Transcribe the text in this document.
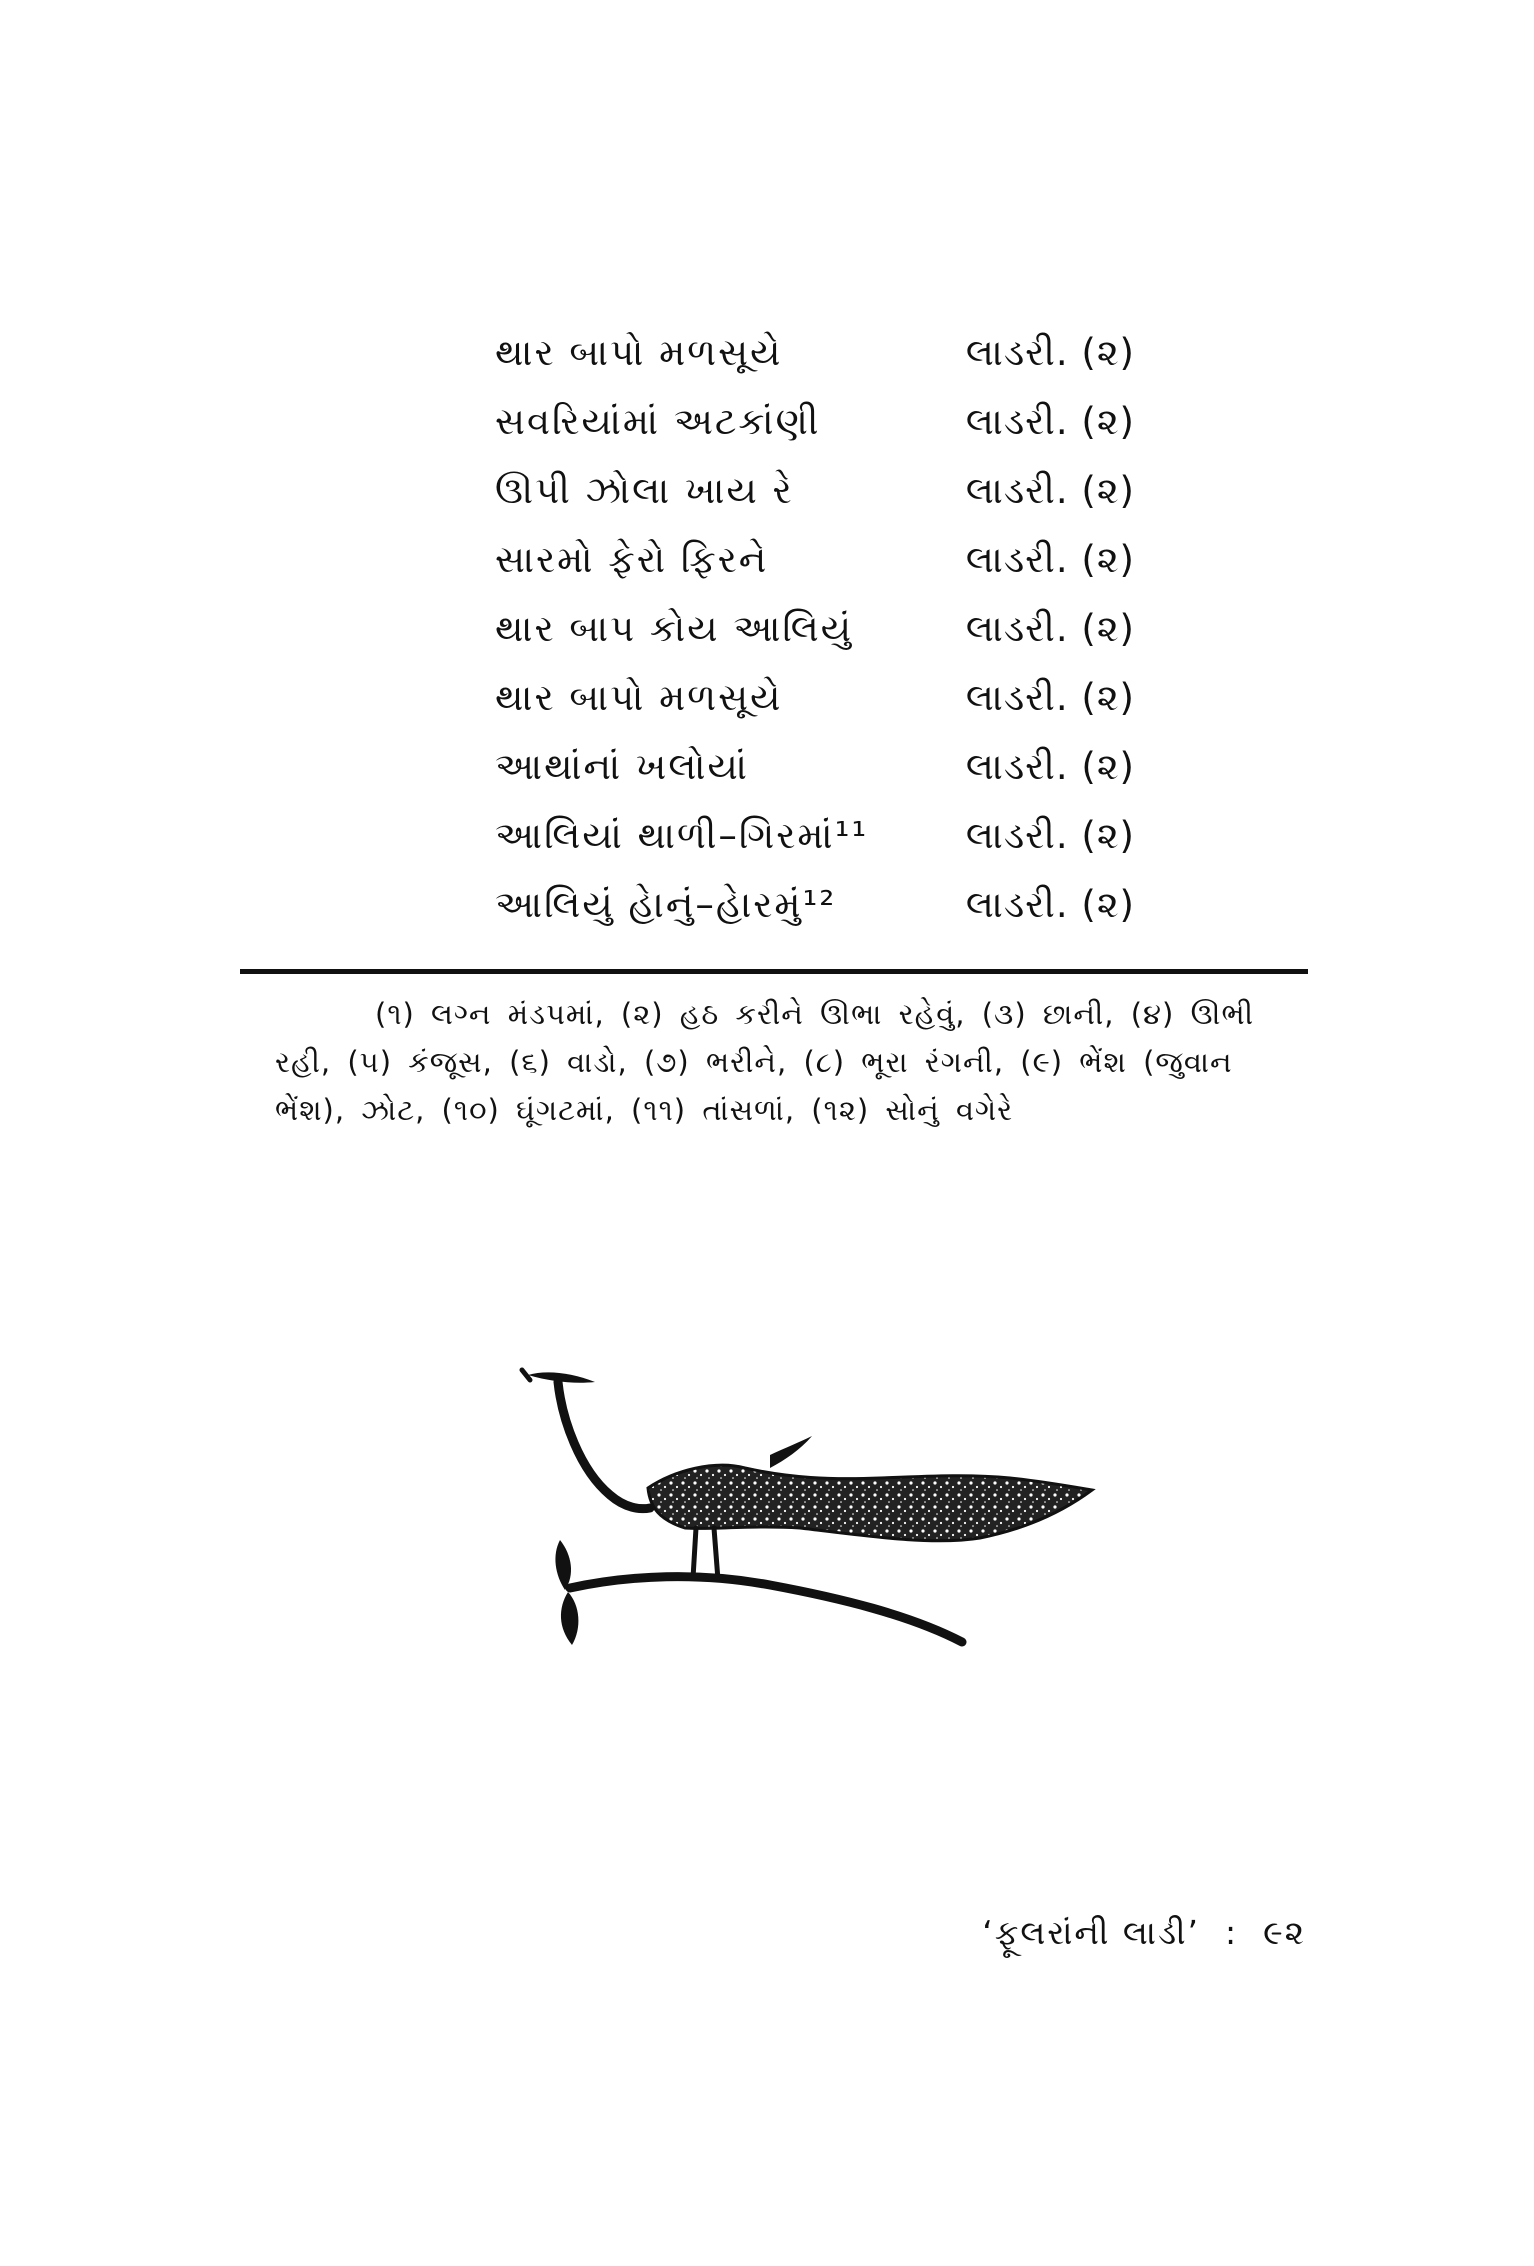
થાર બાપો મળસૂયે	લાડરી. (૨)
સવરિયાંમાં અટકાંણી	લાડરી. (૨)
ઊપી ઝોલા ખાય રે	લાડરી. (૨)
સારમો ફેરો ફિરને	લાડરી. (૨)
થાર બાપ કોય આલિયું	લાડરી. (૨)
થાર બાપો મળસૂયે	લાડરી. (૨)
આથાંનાં ખલોયાં	લાડરી. (૨)
આલિયાં થાળી–ગિરમાં¹¹	લાડરી. (૨)
આલિયું હેાનું–હેારમું¹²	લાડરી. (૨)
(૧) લગ્ન મંડપમાં, (૨) હઠ કરીને ઊભા રહેવું, (૩) છાની, (૪) ઊભી રહી, (૫) કંજૂસ, (૬) વાડો, (૭) ભરીને, (૮) ભૂરા રંગની, (૯) ભેંશ (જુવાન ભેંશ), ઝોટ, (૧૦) ઘૂંગટમાં, (૧૧) તાંસળાં, (૧૨) સોનું વગેરે
‘ફૂલરાંની લાડી’  :  ૯૨
